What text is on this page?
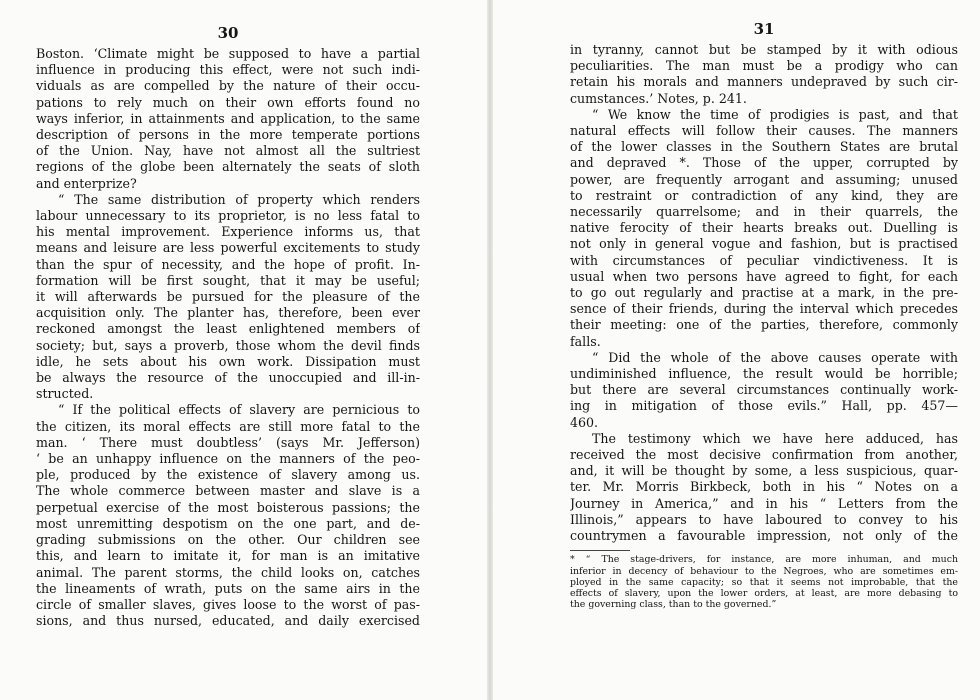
30
Boston. ‘Climate might be supposed to have a partial
influence in producing this effect, were not such indi-
viduals as are compelled by the nature of their occu-
pations to rely much on their own efforts found no
ways inferior, in attainments and application, to the same
description of persons in the more temperate portions
of the Union. Nay, have not almost all the sultriest
regions of the globe been alternately the seats of sloth
and enterprize?
“ The same distribution of property which renders
labour unnecessary to its proprietor, is no less fatal to
his mental improvement. Experience informs us, that
means and leisure are less powerful excitements to study
than the spur of necessity, and the hope of profit. In-
formation will be first sought, that it may be useful;
it will afterwards be pursued for the pleasure of the
acquisition only. The planter has, therefore, been ever
reckoned amongst the least enlightened members of
society; but, says a proverb, those whom the devil finds
idle, he sets about his own work. Dissipation must
be always the resource of the unoccupied and ill-in-
structed.
“ If the political effects of slavery are pernicious to
the citizen, its moral effects are still more fatal to the
man. ‘ There must doubtless’ (says Mr. Jefferson)
‘ be an unhappy influence on the manners of the peo-
ple, produced by the existence of slavery among us.
The whole commerce between master and slave is a
perpetual exercise of the most boisterous passions; the
most unremitting despotism on the one part, and de-
grading submissions on the other. Our children see
this, and learn to imitate it, for man is an imitative
animal. The parent storms, the child looks on, catches
the lineaments of wrath, puts on the same airs in the
circle of smaller slaves, gives loose to the worst of pas-
sions, and thus nursed, educated, and daily exercised
31
in tyranny, cannot but be stamped by it with odious
peculiarities. The man must be a prodigy who can
retain his morals and manners undepraved by such cir-
cumstances.’ Notes, p. 241.
“ We know the time of prodigies is past, and that
natural effects will follow their causes. The manners
of the lower classes in the Southern States are brutal
and depraved *. Those of the upper, corrupted by
power, are frequently arrogant and assuming; unused
to restraint or contradiction of any kind, they are
necessarily quarrelsome; and in their quarrels, the
native ferocity of their hearts breaks out. Duelling is
not only in general vogue and fashion, but is practised
with circumstances of peculiar vindictiveness. It is
usual when two persons have agreed to fight, for each
to go out regularly and practise at a mark, in the pre-
sence of their friends, during the interval which precedes
their meeting: one of the parties, therefore, commonly
falls.
“ Did the whole of the above causes operate with
undiminished influence, the result would be horrible;
but there are several circumstances continually work-
ing in mitigation of those evils.” Hall, pp. 457—
460.
The testimony which we have here adduced, has
received the most decisive confirmation from another,
and, it will be thought by some, a less suspicious, quar-
ter. Mr. Morris Birkbeck, both in his “ Notes on a
Journey in America,” and in his “ Letters from the
Illinois,” appears to have laboured to convey to his
countrymen a favourable impression, not only of the
* “ The stage-drivers, for instance, are more inhuman, and much
inferior in decency of behaviour to the Negroes, who are sometimes em-
ployed in the same capacity; so that it seems not improbable, that the
effects of slavery, upon the lower orders, at least, are more debasing to
the governing class, than to the governed.”
